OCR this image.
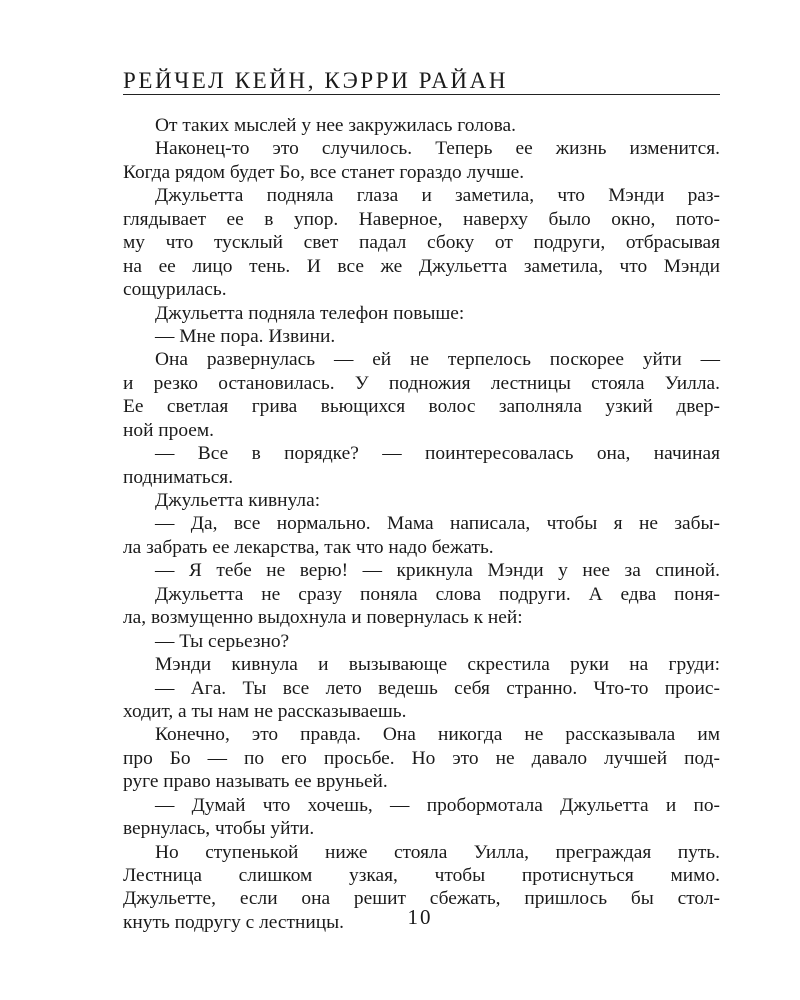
РЕЙЧЕЛ КЕЙН, КЭРРИ РАЙАН
От таких мыслей у нее закружилась голова.
Наконец-то это случилось. Теперь ее жизнь изменится.
Когда рядом будет Бо, все станет гораздо лучше.
Джульетта подняла глаза и заметила, что Мэнди раз-
глядывает ее в упор. Наверное, наверху было окно, пото-
му что тусклый свет падал сбоку от подруги, отбрасывая
на ее лицо тень. И все же Джульетта заметила, что Мэнди
сощурилась.
Джульетта подняла телефон повыше:
— Мне пора. Извини.
Она развернулась — ей не терпелось поскорее уйти —
и резко остановилась. У подножия лестницы стояла Уилла.
Ее светлая грива вьющихся волос заполняла узкий двер-
ной проем.
— Все в порядке? — поинтересовалась она, начиная
подниматься.
Джульетта кивнула:
— Да, все нормально. Мама написала, чтобы я не забы-
ла забрать ее лекарства, так что надо бежать.
— Я тебе не верю! — крикнула Мэнди у нее за спиной.
Джульетта не сразу поняла слова подруги. А едва поня-
ла, возмущенно выдохнула и повернулась к ней:
— Ты серьезно?
Мэнди кивнула и вызывающе скрестила руки на груди:
— Ага. Ты все лето ведешь себя странно. Что-то проис-
ходит, а ты нам не рассказываешь.
Конечно, это правда. Она никогда не рассказывала им
про Бо — по его просьбе. Но это не давало лучшей под-
руге право называть ее вруньей.
— Думай что хочешь, — пробормотала Джульетта и по-
вернулась, чтобы уйти.
Но ступенькой ниже стояла Уилла, преграждая путь.
Лестница слишком узкая, чтобы протиснуться мимо.
Джульетте, если она решит сбежать, пришлось бы стол-
кнуть подругу с лестницы.	10
